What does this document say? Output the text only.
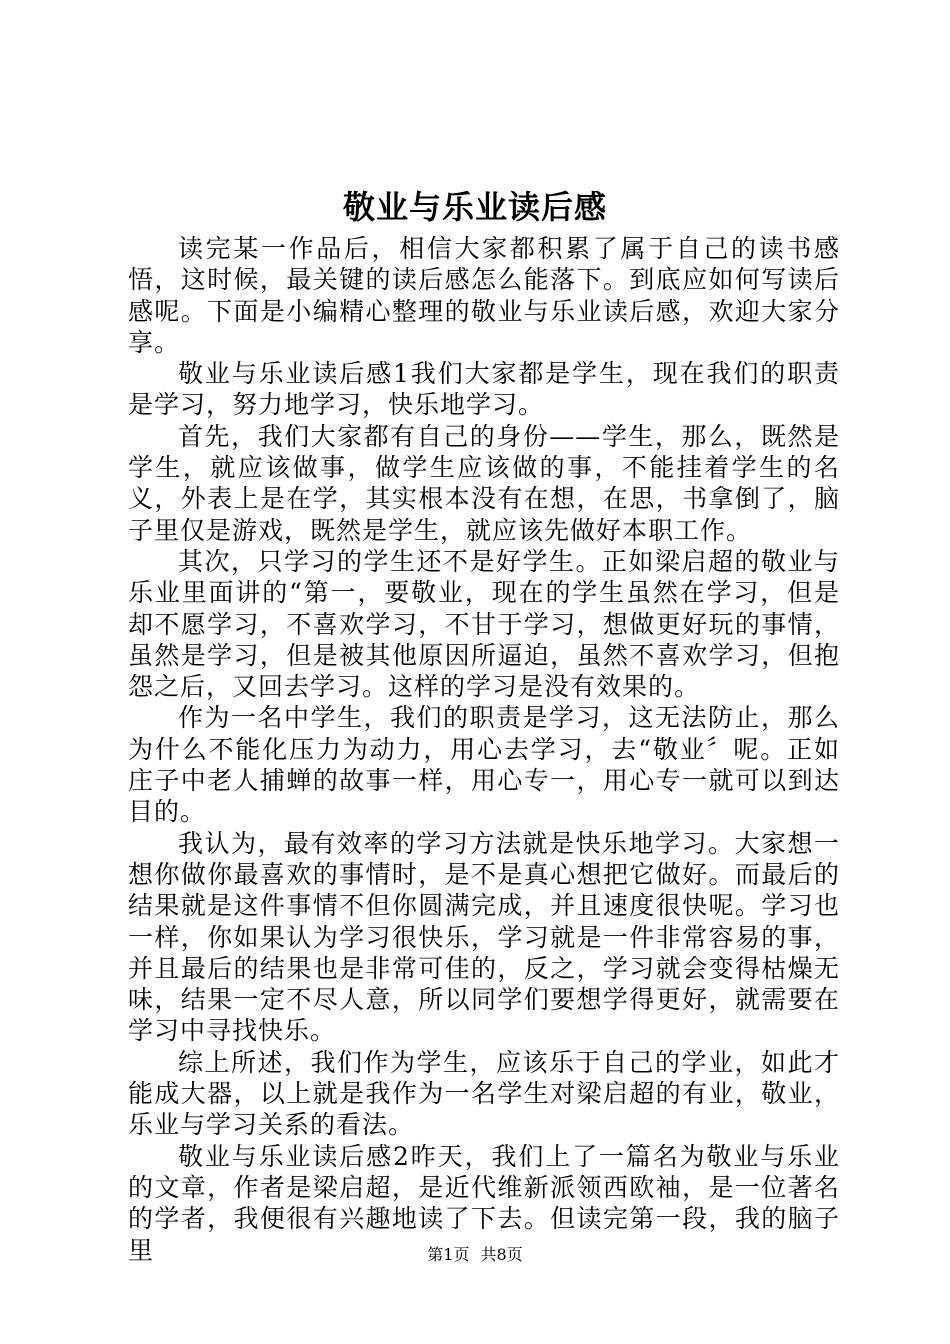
敬业与乐业读后感

读完某一作品后，相信大家都积累了属于自己的读书感悟，这时候，最关键的读后感怎么能落下。到底应如何写读后感呢。下面是小编精心整理的敬业与乐业读后感，欢迎大家分享。

敬业与乐业读后感1我们大家都是学生，现在我们的职责是学习，努力地学习，快乐地学习。

首先，我们大家都有自己的身份——学生，那么，既然是学生，就应该做事，做学生应该做的事，不能挂着学生的名义，外表上是在学，其实根本没有在想，在思，书拿倒了，脑子里仅是游戏，既然是学生，就应该先做好本职工作。

其次，只学习的学生还不是好学生。正如梁启超的敬业与乐业里面讲的“第一，要敬业，现在的学生虽然在学习，但是却不愿学习，不喜欢学习，不甘于学习，想做更好玩的事情，虽然是学习，但是被其他原因所逼迫，虽然不喜欢学习，但抱怨之后，又回去学习。这样的学习是没有效果的。

作为一名中学生，我们的职责是学习，这无法防止，那么为什么不能化压力为动力，用心去学习，去“敬业〞呢。正如庄子中老人捕蝉的故事一样，用心专一，用心专一就可以到达目的。

我认为，最有效率的学习方法就是快乐地学习。大家想一想你做你最喜欢的事情时，是不是真心想把它做好。而最后的结果就是这件事情不但你圆满完成，并且速度很快呢。学习也一样，你如果认为学习很快乐，学习就是一件非常容易的事，并且最后的结果也是非常可佳的，反之，学习就会变得枯燥无味，结果一定不尽人意，所以同学们要想学得更好，就需要在学习中寻找快乐。

综上所述，我们作为学生，应该乐于自己的学业，如此才能成大器，以上就是我作为一名学生对梁启超的有业，敬业，乐业与学习关系的看法。

敬业与乐业读后感2昨天，我们上了一篇名为敬业与乐业的文章，作者是梁启超，是近代维新派领西欧袖，是一位著名的学者，我便很有兴趣地读了下去。但读完第一段，我的脑子里	第1页 共8页
